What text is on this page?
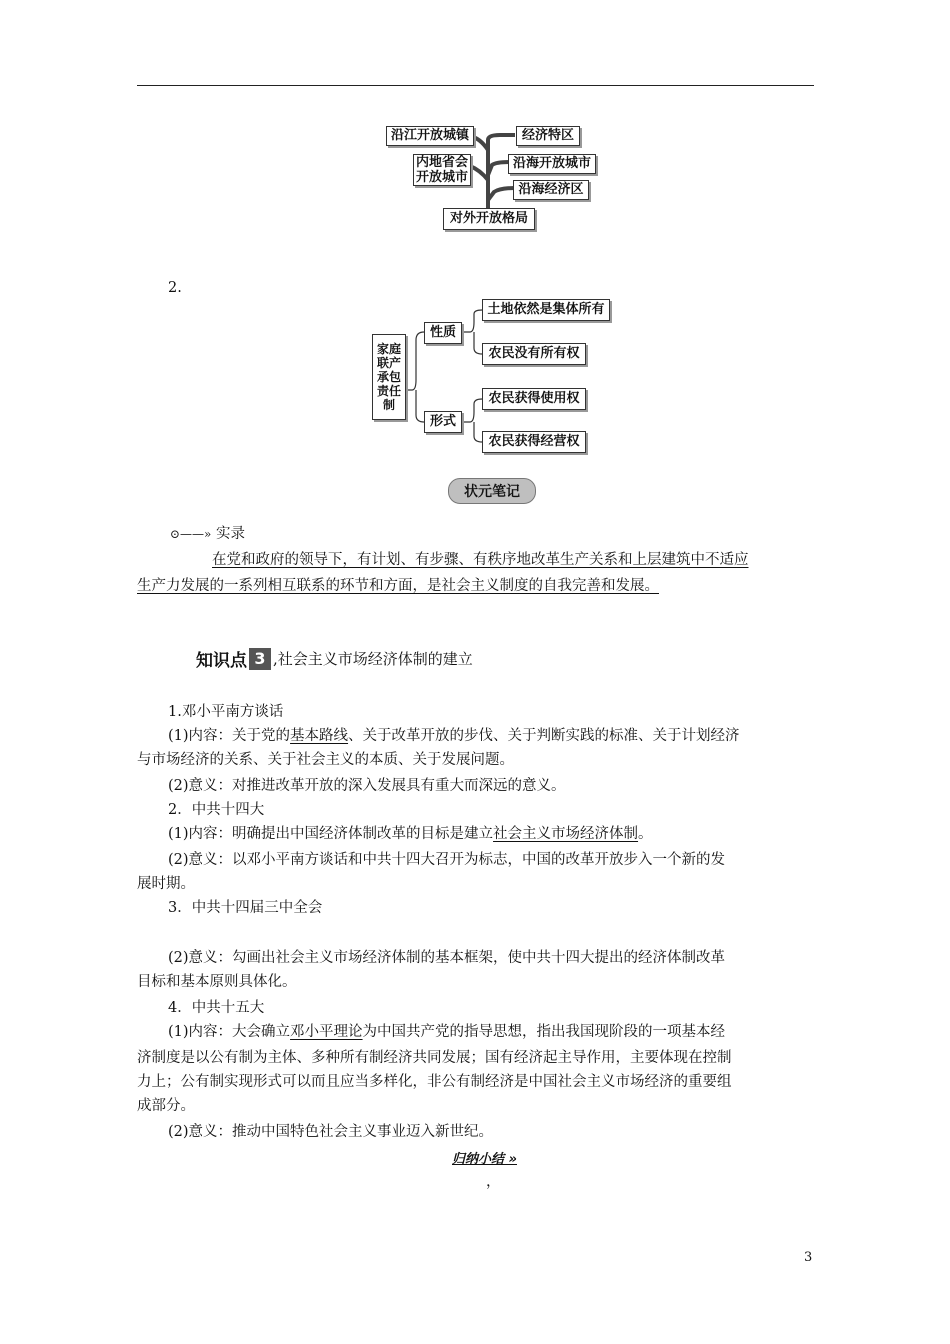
沿江开放城镇
内地省会
开放城市
经济特区
沿海开放城市
沿海经济区
对外开放格局
2.
家庭
联产
承包
责任
制
性质
形式
土地依然是集体所有
农民没有所有权
农民获得使用权
农民获得经营权
状元笔记
⊙——» 实录
在党和政府的领导下，有计划、有步骤、有秩序地改革生产关系和上层建筑中不适应
生产力发展的一系列相互联系的环节和方面，是社会主义制度的自我完善和发展。
知识点 3 ,社会主义市场经济体制的建立
1.邓小平南方谈话
(1)内容：关于党的基本路线、关于改革开放的步伐、关于判断实践的标准、关于计划经济
与市场经济的关系、关于社会主义的本质、关于发展问题。
(2)意义：对推进改革开放的深入发展具有重大而深远的意义。
2．中共十四大
(1)内容：明确提出中国经济体制改革的目标是建立社会主义市场经济体制。
(2)意义：以邓小平南方谈话和中共十四大召开为标志，中国的改革开放步入一个新的发
展时期。
3．中共十四届三中全会
(2)意义：勾画出社会主义市场经济体制的基本框架，使中共十四大提出的经济体制改革
目标和基本原则具体化。
4．中共十五大
(1)内容：大会确立邓小平理论为中国共产党的指导思想，指出我国现阶段的一项基本经
济制度是以公有制为主体、多种所有制经济共同发展；国有经济起主导作用，主要体现在控制
力上；公有制实现形式可以而且应当多样化，非公有制经济是中国社会主义市场经济的重要组
成部分。
(2)意义：推动中国特色社会主义事业迈入新世纪。
归纳小结 »
，
3
